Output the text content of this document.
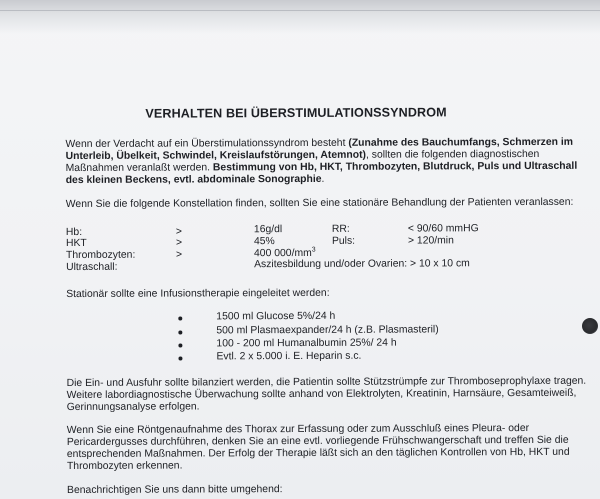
VERHALTEN BEI ÜBERSTIMULATIONSSYNDROM
Wenn der Verdacht auf ein Überstimulationssyndrom besteht (Zunahme des Bauchumfangs, Schmerzen im
Unterleib, Übelkeit, Schwindel, Kreislaufstörungen, Atemnot), sollten die folgenden diagnostischen
Maßnahmen veranlaßt werden. Bestimmung von Hb, HKT, Thrombozyten, Blutdruck, Puls und Ultraschall
des kleinen Beckens, evtl. abdominale Sonographie.
Wenn Sie die folgende Konstellation finden, sollten Sie eine stationäre Behandlung der Patienten veranlassen:
Hb:	>	16g/dl	RR:	< 90/60 mmHG
HKT	>	45%	Puls:	> 120/min
Thrombozyten:	>	400 $000/mm^3$
Ultraschall:	Aszitesbildung und/oder Ovarien: > 10 x 10 cm
Stationär sollte eine Infusionstherapie eingeleitet werden:
1500 ml Glucose 5%/24 h
500 ml Plasmaexpander/24 h (z.B. Plasmasteril)
100 - 200 ml Humanalbumin 25%/ 24 h
Evtl. 2 x 5.000 i. E. Heparin s.c.
Die Ein- und Ausfuhr sollte bilanziert werden, die Patientin sollte Stützstrümpfe zur Thromboseprophylaxe tragen.
Weitere labordiagnostische Überwachung sollte anhand von Elektrolyten, Kreatinin, Harnsäure, Gesamteiweiß,
Gerinnungsanalyse erfolgen.
Wenn Sie eine Röntgenaufnahme des Thorax zur Erfassung oder zum Ausschluß eines Pleura- oder
Pericardergusses durchführen, denken Sie an eine evtl. vorliegende Frühschwangerschaft und treffen Sie die
entsprechenden Maßnahmen. Der Erfolg der Therapie läßt sich an den täglichen Kontrollen von Hb, HKT und
Thrombozyten erkennen.
Benachrichtigen Sie uns dann bitte umgehend:
